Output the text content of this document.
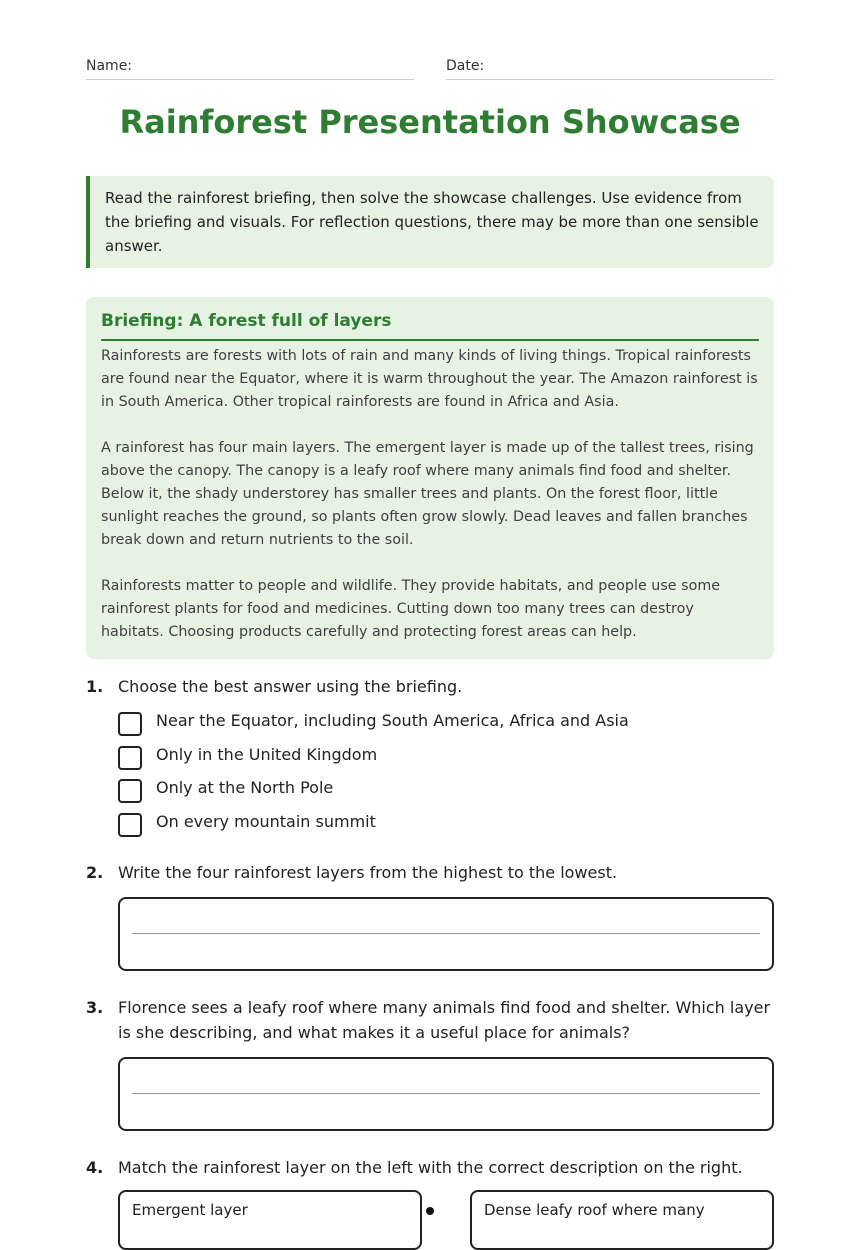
Name:	Date:
Rainforest Presentation Showcase

Read the rainforest briefing, then solve the showcase challenges. Use evidence from the briefing and visuals. For reflection questions, there may be more than one sensible answer.

Briefing: A forest full of layers

Rainforests are forests with lots of rain and many kinds of living things. Tropical rainforests are found near the Equator, where it is warm throughout the year. The Amazon rainforest is in South America. Other tropical rainforests are found in Africa and Asia.

A rainforest has four main layers. The emergent layer is made up of the tallest trees, rising above the canopy. The canopy is a leafy roof where many animals find food and shelter. Below it, the shady understorey has smaller trees and plants. On the forest floor, little sunlight reaches the ground, so plants often grow slowly. Dead leaves and fallen branches break down and return nutrients to the soil.

Rainforests matter to people and wildlife. They provide habitats, and people use some rainforest plants for food and medicines. Cutting down too many trees can destroy habitats. Choosing products carefully and protecting forest areas can help.

1. Choose the best answer using the briefing.
Near the Equator, including South America, Africa and Asia
Only in the United Kingdom
Only at the North Pole
On every mountain summit
2. Write the four rainforest layers from the highest to the lowest.
3. Florence sees a leafy roof where many animals find food and shelter. Which layer is she describing, and what makes it a useful place for animals?
4. Match the rainforest layer on the left with the correct description on the right.
Emergent layer	Dense leafy roof where many
